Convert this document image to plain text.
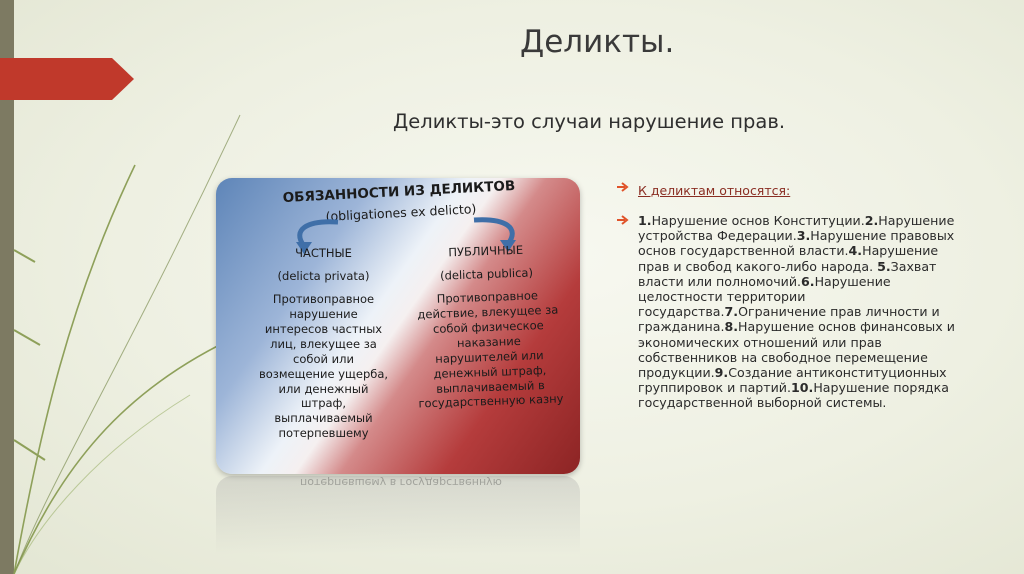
Деликты.
Деликты-это случаи нарушение прав.
ОБЯЗАННОСТИ ИЗ ДЕЛИКТОВ
(obligationes ex delicto)
ЧАСТНЫЕ
(delicta privata)
Противоправное нарушение интересов частных лиц, влекущее за собой или возмещение ущерба, или денежный штраф, выплачиваемый потерпевшему
ПУБЛИЧНЫЕ
(delicta publica)
Противоправное действие, влекущее за собой физическое наказание нарушителей или денежный штраф, выплачиваемый в государственную казну
потерпевшему в государственную
К деликтам относятся:
1.Нарушение основ Конституции.2.Нарушение устройства Федерации.3.Нарушение правовых основ государственной власти.4.Нарушение прав и свобод какого-либо народа. 5.Захват власти или полномочий.6.Нарушение целостности территории государства.7.Ограничение прав личности и гражданина.8.Нарушение основ финансовых и экономических отношений или прав собственников на свободное перемещение продукции.9.Создание антиконституционных группировок и партий.10.Нарушение порядка государственной выборной системы.
